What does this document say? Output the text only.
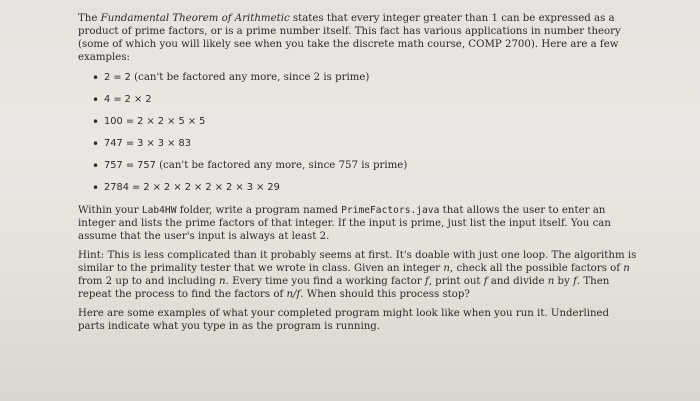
The Fundamental Theorem of Arithmetic states that every integer greater than 1 can be expressed as a product of prime factors, or is a prime number itself. This fact has various applications in number theory (some of which you will likely see when you take the discrete math course, COMP 2700). Here are a few examples:

• 2 = 2 (can't be factored any more, since 2 is prime)
• 4 = 2 × 2
• 100 = 2 × 2 × 5 × 5
• 747 = 3 × 3 × 83
• 757 = 757 (can't be factored any more, since 757 is prime)
• 2784 = 2 × 2 × 2 × 2 × 2 × 3 × 29

Within your Lab4HW folder, write a program named PrimeFactors.java that allows the user to enter an integer and lists the prime factors of that integer. If the input is prime, just list the input itself. You can assume that the user's input is always at least 2.

Hint: This is less complicated than it probably seems at first. It's doable with just one loop. The algorithm is similar to the primality tester that we wrote in class. Given an integer n, check all the possible factors of n from 2 up to and including n. Every time you find a working factor f, print out f and divide n by f. Then repeat the process to find the factors of n/f. When should this process stop?

Here are some examples of what your completed program might look like when you run it. Underlined parts indicate what you type in as the program is running.
